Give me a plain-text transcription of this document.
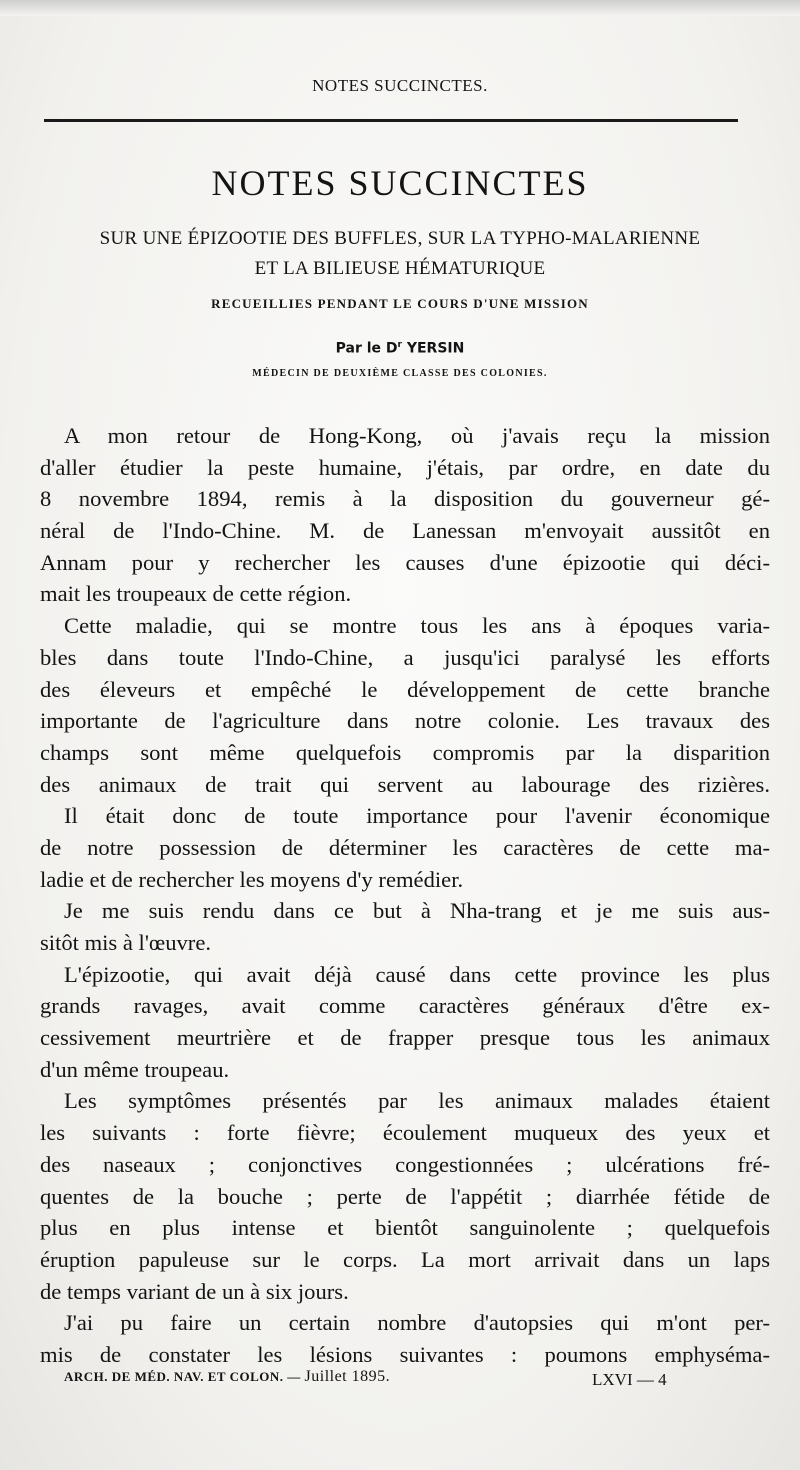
NOTES SUCCINCTES.
NOTES SUCCINCTES
SUR UNE ÉPIZOOTIE DES BUFFLES, SUR LA TYPHO-MALARIENNE
ET LA BILIEUSE HÉMATURIQUE
RECUEILLIES PENDANT LE COURS D'UNE MISSION
Par le $D^r$ YERSIN
MÉDECIN DE DEUXIÈME CLASSE DES COLONIES.
A mon retour de Hong-Kong, où j'avais reçu la mission
d'aller étudier la peste humaine, j'étais, par ordre, en date du
8 novembre 1894, remis à la disposition du gouverneur gé-
néral de l'Indo-Chine. M. de Lanessan m'envoyait aussitôt en
Annam pour y rechercher les causes d'une épizootie qui déci-
mait les troupeaux de cette région.
Cette maladie, qui se montre tous les ans à époques varia-
bles dans toute l'Indo-Chine, a jusqu'ici paralysé les efforts
des éleveurs et empêché le développement de cette branche
importante de l'agriculture dans notre colonie. Les travaux des
champs sont même quelquefois compromis par la disparition
des animaux de trait qui servent au labourage des rizières.
Il était donc de toute importance pour l'avenir économique
de notre possession de déterminer les caractères de cette ma-
ladie et de rechercher les moyens d'y remédier.
Je me suis rendu dans ce but à Nha-trang et je me suis aus-
sitôt mis à l'œuvre.
L'épizootie, qui avait déjà causé dans cette province les plus
grands ravages, avait comme caractères généraux d'être ex-
cessivement meurtrière et de frapper presque tous les animaux
d'un même troupeau.
Les symptômes présentés par les animaux malades étaient
les suivants : forte fièvre; écoulement muqueux des yeux et
des naseaux ; conjonctives congestionnées ; ulcérations fré-
quentes de la bouche ; perte de l'appétit ; diarrhée fétide de
plus en plus intense et bientôt sanguinolente ; quelquefois
éruption papuleuse sur le corps. La mort arrivait dans un laps
de temps variant de un à six jours.
J'ai pu faire un certain nombre d'autopsies qui m'ont per-
mis de constater les lésions suivantes : poumons emphyséma-
ARCH. DE MÉD. NAV. ET COLON. — Juillet 1895.	LXVI — 4
